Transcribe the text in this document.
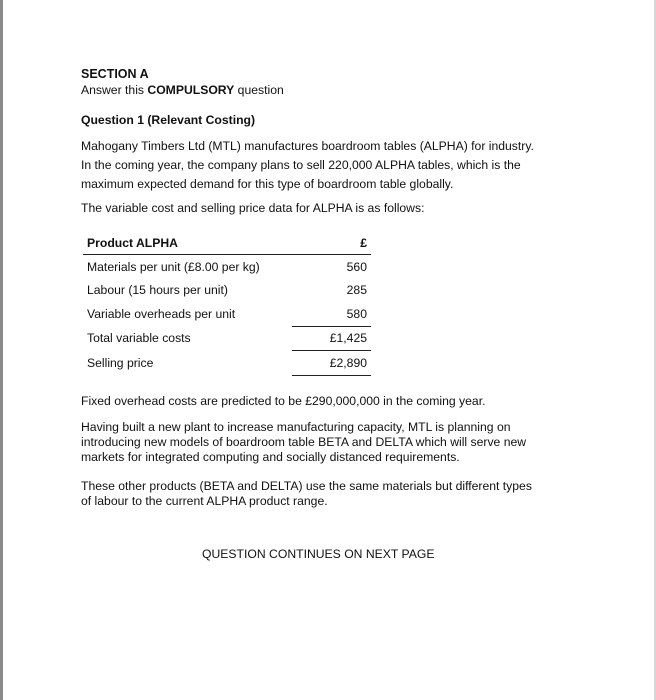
SECTION A
Answer this COMPULSORY question
Question 1 (Relevant Costing)

Mahogany Timbers Ltd (MTL) manufactures boardroom tables (ALPHA) for industry.
In the coming year, the company plans to sell 220,000 ALPHA tables, which is the
maximum expected demand for this type of boardroom table globally.

The variable cost and selling price data for ALPHA is as follows:

Product ALPHA	£
Materials per unit (£8.00 per kg)	560
Labour (15 hours per unit)	285
Variable overheads per unit	580
Total variable costs	£1,425
Selling price	£2,890

Fixed overhead costs are predicted to be £290,000,000 in the coming year.

Having built a new plant to increase manufacturing capacity, MTL is planning on
introducing new models of boardroom table BETA and DELTA which will serve new
markets for integrated computing and socially distanced requirements.

These other products (BETA and DELTA) use the same materials but different types
of labour to the current ALPHA product range.

QUESTION CONTINUES ON NEXT PAGE
